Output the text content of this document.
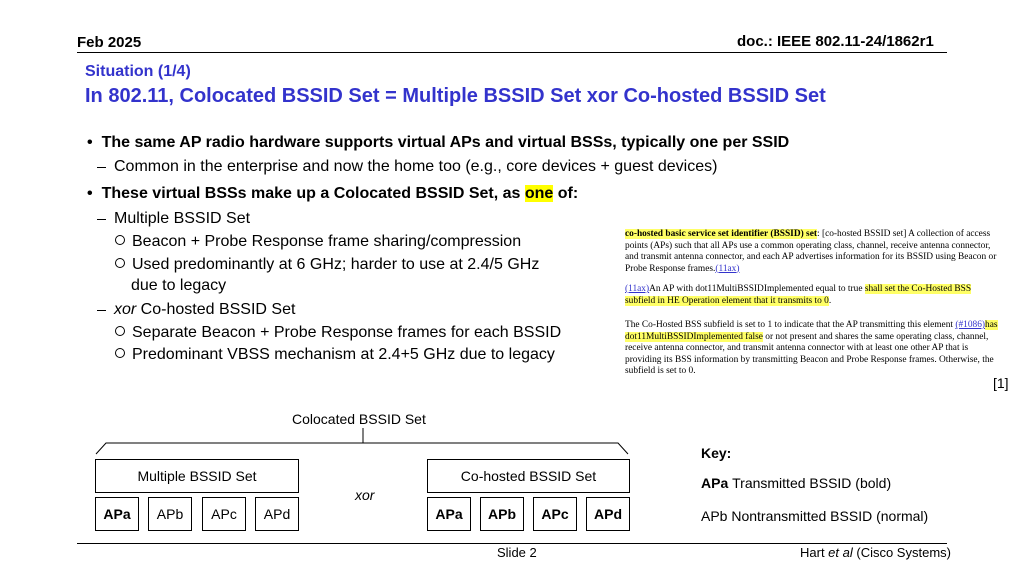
Feb 2025	doc.: IEEE 802.11-24/1862r1
Situation (1/4)
In 802.11, Colocated BSSID Set = Multiple BSSID Set xor Co-hosted BSSID Set
• The same AP radio hardware supports virtual APs and virtual BSSs, typically one per SSID
Common in the enterprise and now the home too (e.g., core devices + guest devices)
• These virtual BSSs make up a Colocated BSSID Set, as one of:
Multiple BSSID Set
Beacon + Probe Response frame sharing/compression
Used predominantly at 6 GHz; harder to use at 2.4/5 GHz
due to legacy
xor Co-hosted BSSID Set
Separate Beacon + Probe Response frames for each BSSID
Predominant VBSS mechanism at 2.4+5 GHz due to legacy

co-hosted basic service set identifier (BSSID) set: [co-hosted BSSID set] A collection of access points (APs) such that all APs use a common operating class, channel, receive antenna connector, and transmit antenna connector, and each AP advertises information for its BSSID using Beacon or Probe Response frames.(11ax)

(11ax)An AP with dot11MultiBSSIDImplemented equal to true shall set the Co-Hosted BSS subfield in HE Operation element that it transmits to 0.

The Co-Hosted BSS subfield is set to 1 to indicate that the AP transmitting this element (#1086)has dot11MultiBSSIDImplemented false or not present and shares the same operating class, channel, receive antenna connector, and transmit antenna connector with at least one other AP that is providing its BSS information by transmitting Beacon and Probe Response frames. Otherwise, the subfield is set to 0.

[1]
Colocated BSSID Set
Multiple BSSID Set	Co-hosted BSSID Set
xor
APa	APb	APc	APd	APa	APb	APc	APd
Key:
APa Transmitted BSSID (bold)
APb Nontransmitted BSSID (normal)
Slide 2	Hart et al (Cisco Systems)
